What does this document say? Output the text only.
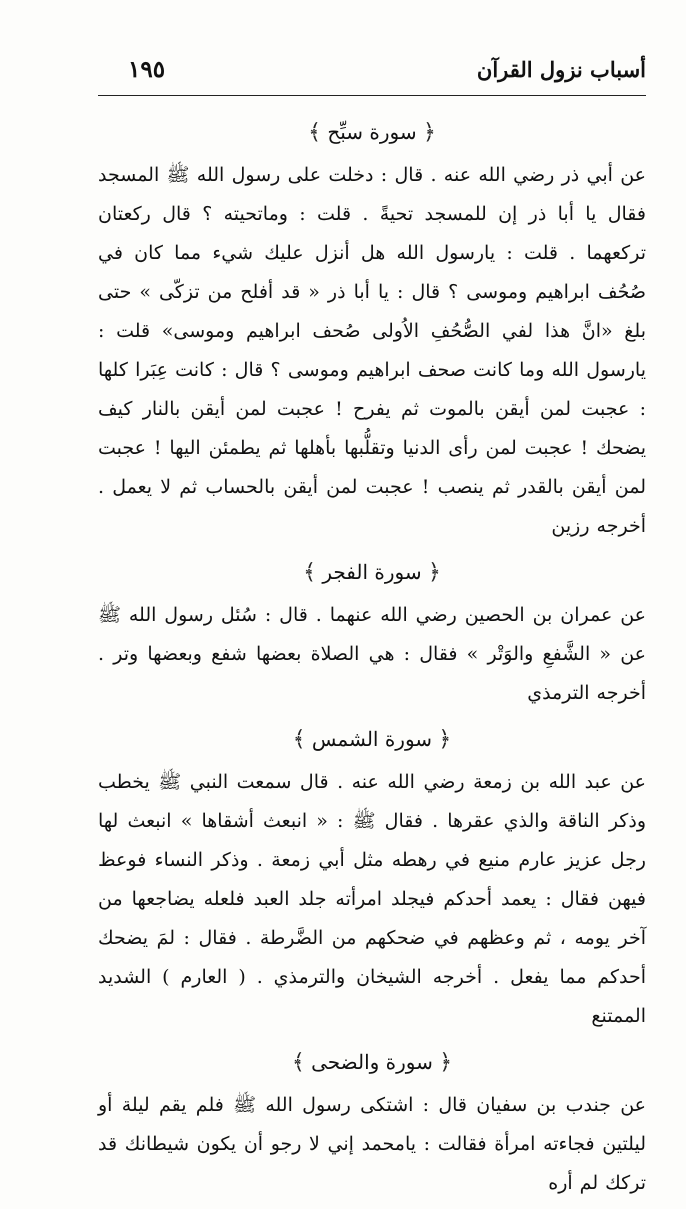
أسباب نزول القرآن
١٩٥
﴿ سورة سبِّح ﴾

عن أبي ذر رضي الله عنه . قال : دخلت على رسول الله ﷺ المسجد فقال يا أبا ذر إن للمسجد تحيةً . قلت : وماتحيته ؟ قال ركعتان تركعهما . قلت : يارسول الله هل أنزل عليك شيء مما كان في صُحُف ابراهيم وموسى ؟ قال : يا أبا ذر « قد أفلح من تزكّى » حتى بلغ «انَّ هذا لفي الصُّحُفِ الاُولى صُحف ابراهيم وموسى» قلت : يارسول الله وما كانت صحف ابراهيم وموسى ؟ قال : كانت عِبَرا كلها : عجبت لمن أيقن بالموت ثم يفرح ! عجبت لمن أيقن بالنار كيف يضحك ! عجبت لمن رأى الدنيا وتقلُّبها بأهلها ثم يطمئن اليها ! عجبت لمن أيقن بالقدر ثم ينصب ! عجبت لمن أيقن بالحساب ثم لا يعمل . أخرجه رزين

﴿ سورة الفجر ﴾

عن عمران بن الحصين رضي الله عنهما . قال : سُئل رسول الله ﷺ عن « الشَّفعِ والوَتْر » فقال : هي الصلاة بعضها شفع وبعضها وتر . أخرجه الترمذي

﴿ سورة الشمس ﴾

عن عبد الله بن زمعة رضي الله عنه . قال سمعت النبي ﷺ يخطب وذكر الناقة والذي عقرها . فقال ﷺ : « انبعث أشقاها » انبعث لها رجل عزيز عارم منيع في رهطه مثل أبي زمعة . وذكر النساء فوعظ فيهن فقال : يعمد أحدكم فيجلد امرأته جلد العبد فلعله يضاجعها من آخر يومه ، ثم وعظهم في ضحكهم من الضَّرطة . فقال : لمَ يضحك أحدكم مما يفعل . أخرجه الشيخان والترمذي . ( العارم ) الشديد الممتنع

﴿ سورة والضحى ﴾

عن جندب بن سفيان قال : اشتكى رسول الله ﷺ فلم يقم ليلة أو ليلتين فجاءته امرأة فقالت : يامحمد إني لا رجو أن يكون شيطانك قد تركك لم أره
